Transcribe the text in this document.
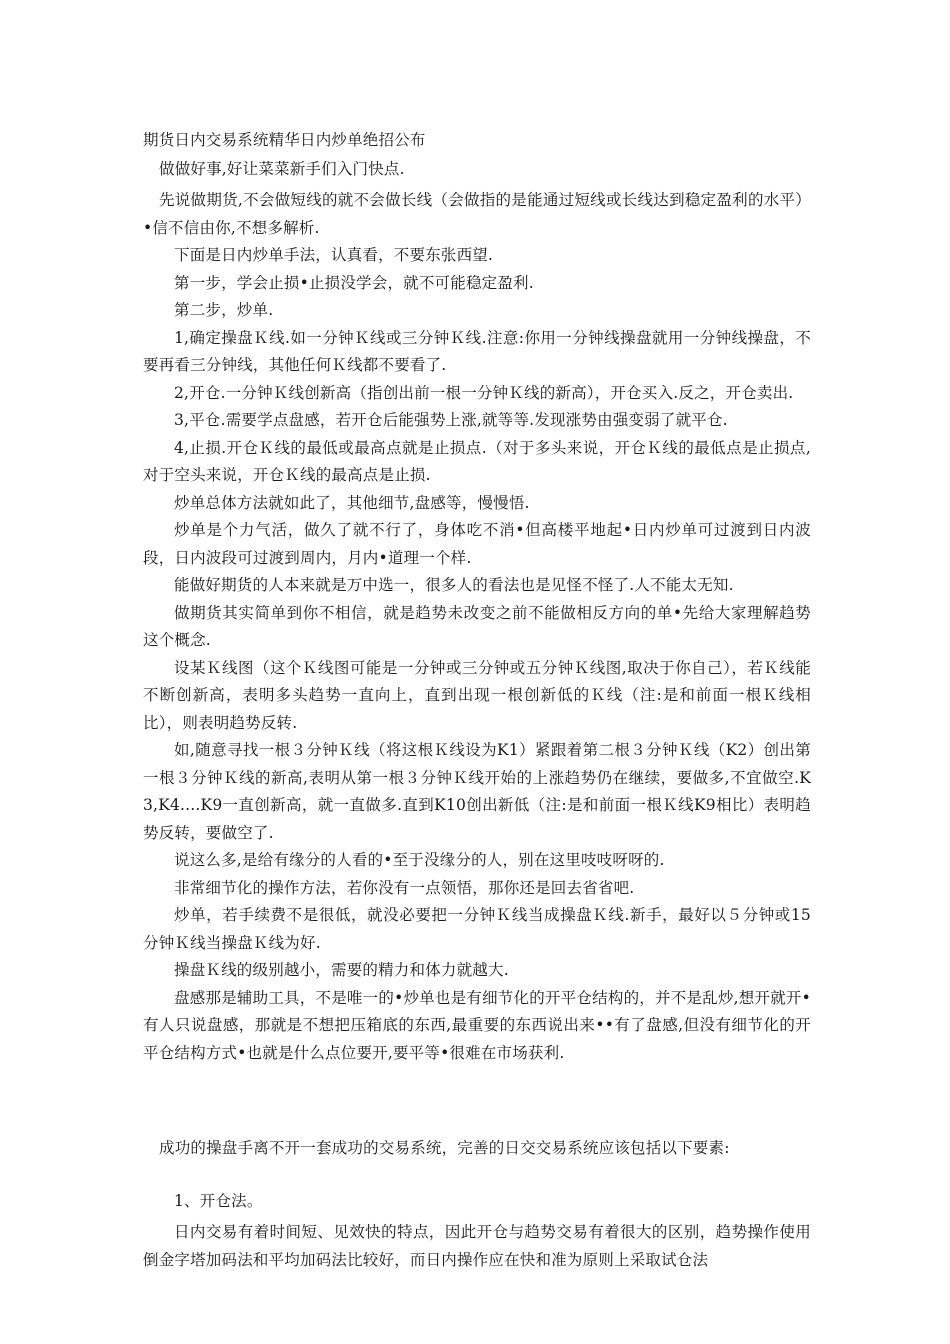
期货日内交易系统精华日内炒单绝招公布

做做好事,好让菜菜新手们入门快点.

先说做期货,不会做短线的就不会做长线（会做指的是能通过短线或长线达到稳定盈利的水平）•信不信由你,不想多解析.

下面是日内炒单手法，认真看，不要东张西望.

第一步，学会止损•止损没学会，就不可能稳定盈利.

第二步，炒单.

1,确定操盘Ｋ线.如一分钟Ｋ线或三分钟Ｋ线.注意:你用一分钟线操盘就用一分钟线操盘，不要再看三分钟线，其他任何Ｋ线都不要看了.

2,开仓.一分钟Ｋ线创新高（指创出前一根一分钟Ｋ线的新高），开仓买入.反之，开仓卖出.

3,平仓.需要学点盘感，若开仓后能强势上涨,就等等.发现涨势由强变弱了就平仓.

4,止损.开仓Ｋ线的最低或最高点就是止损点.（对于多头来说，开仓Ｋ线的最低点是止损点,对于空头来说，开仓Ｋ线的最高点是止损.

炒单总体方法就如此了，其他细节,盘感等，慢慢悟.

炒单是个力气活，做久了就不行了，身体吃不消•但高楼平地起•日内炒单可过渡到日内波段，日内波段可过渡到周内，月内•道理一个样.

能做好期货的人本来就是万中选一，很多人的看法也是见怪不怪了.人不能太无知.

做期货其实简单到你不相信，就是趋势未改变之前不能做相反方向的单•先给大家理解趋势这个概念.

设某Ｋ线图（这个Ｋ线图可能是一分钟或三分钟或五分钟Ｋ线图,取决于你自己），若Ｋ线能不断创新高，表明多头趋势一直向上，直到出现一根创新低的Ｋ线（注:是和前面一根Ｋ线相比），则表明趋势反转.

如,随意寻找一根３分钟Ｋ线（将这根Ｋ线设为K1）紧跟着第二根３分钟Ｋ线（K2）创出第一根３分钟Ｋ线的新高,表明从第一根３分钟Ｋ线开始的上涨趋势仍在继续，要做多,不宜做空.K3,K4....K9一直创新高，就一直做多.直到K10创出新低（注:是和前面一根Ｋ线K9相比）表明趋势反转，要做空了.

说这么多,是给有缘分的人看的•至于没缘分的人，别在这里吱吱呀呀的.

非常细节化的操作方法，若你没有一点领悟，那你还是回去省省吧.

炒单，若手续费不是很低，就没必要把一分钟Ｋ线当成操盘Ｋ线.新手，最好以５分钟或15分钟Ｋ线当操盘Ｋ线为好.

操盘Ｋ线的级别越小，需要的精力和体力就越大.

盘感那是辅助工具，不是唯一的•炒单也是有细节化的开平仓结构的，并不是乱炒,想开就开•有人只说盘感，那就是不想把压箱底的东西,最重要的东西说出来••有了盘感,但没有细节化的开平仓结构方式•也就是什么点位要开,要平等•很难在市场获利.

成功的操盘手离不开一套成功的交易系统，完善的日交交易系统应该包括以下要素:

1、开仓法。

日内交易有着时间短、见效快的特点，因此开仓与趋势交易有着很大的区别，趋势操作使用倒金字塔加码法和平均加码法比较好，而日内操作应在快和准为原则上采取试仓法
